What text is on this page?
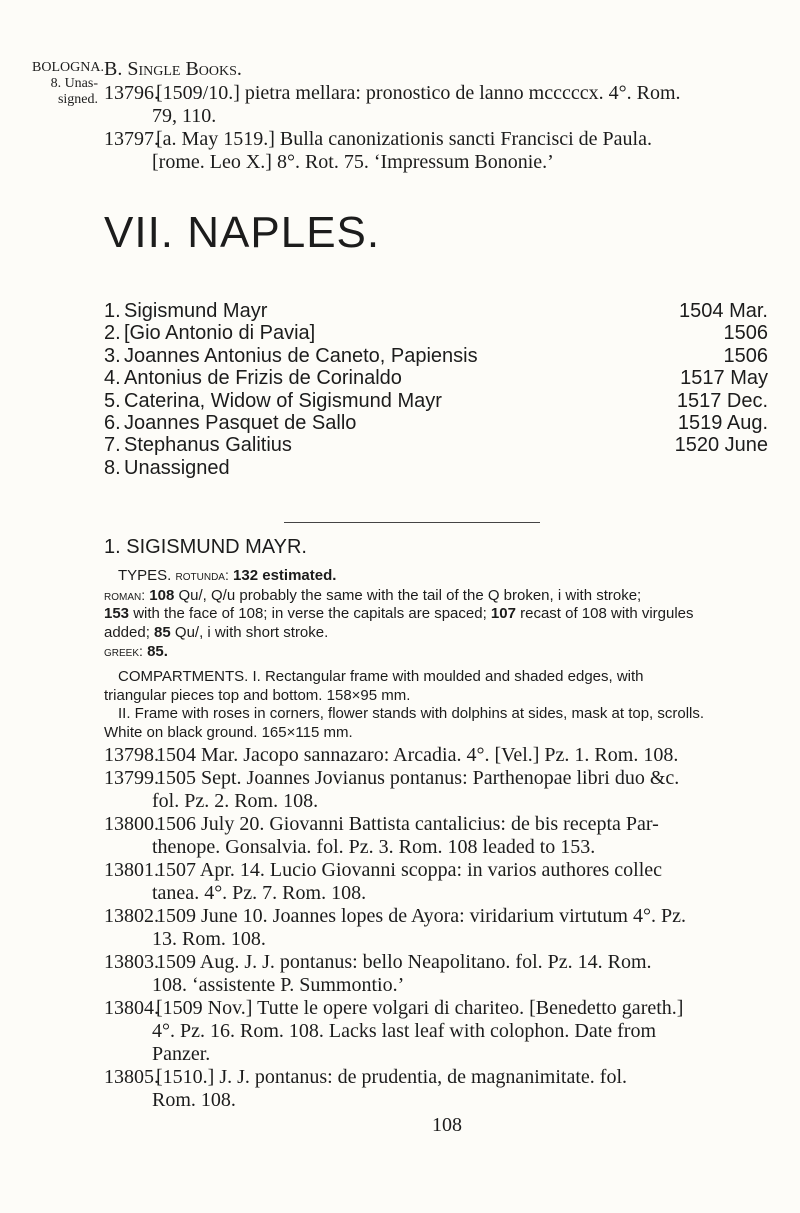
BOLOGNA.
8. Unas-
signed.
B. Single Books.
13796.[1509/10.] pietra mellara: pronostico de lanno mcccccx. 4°. Rom.
79, 110.
13797.[a. May 1519.] Bulla canonizationis sancti Francisci de Paula.
[rome. Leo X.] 8°. Rot. 75. ‘Impressum Bononie.’
VII. NAPLES.
1. Sigismund Mayr	1504 Mar.
2. [Gio Antonio di Pavia]	1506
3. Joannes Antonius de Caneto, Papiensis	1506
4. Antonius de Frizis de Corinaldo	1517 May
5. Caterina, Widow of Sigismund Mayr	1517 Dec.
6. Joannes Pasquet de Sallo	1519 Aug.
7. Stephanus Galitius	1520 June
8. Unassigned
1. SIGISMUND MAYR.
TYPES. rotunda: 132 estimated.
roman: 108 Qu/, Q/u probably the same with the tail of the Q broken, i with stroke;
153 with the face of 108; in verse the capitals are spaced; 107 recast of 108 with virgules
added; 85 Qu/, i with short stroke.
greek: 85.
COMPARTMENTS. I. Rectangular frame with moulded and shaded edges, with
triangular pieces top and bottom. 158×95 mm.
II. Frame with roses in corners, flower stands with dolphins at sides, mask at top, scrolls.
White on black ground. 165×115 mm.
13798.1504 Mar. Jacopo sannazaro: Arcadia. 4°. [Vel.] Pz. 1. Rom. 108.
13799.1505 Sept. Joannes Jovianus pontanus: Parthenopae libri duo &c.
fol. Pz. 2. Rom. 108.
13800.1506 July 20. Giovanni Battista cantalicius: de bis recepta Par-
thenope. Gonsalvia. fol. Pz. 3. Rom. 108 leaded to 153.
13801.1507 Apr. 14. Lucio Giovanni scoppa: in varios authores collec
tanea. 4°. Pz. 7. Rom. 108.
13802.1509 June 10. Joannes lopes de Ayora: viridarium virtutum 4°. Pz.
13. Rom. 108.
13803.1509 Aug. J. J. pontanus: bello Neapolitano. fol. Pz. 14. Rom.
108. ‘assistente P. Summontio.’
13804.[1509 Nov.] Tutte le opere volgari di chariteo. [Benedetto gareth.]
4°. Pz. 16. Rom. 108. Lacks last leaf with colophon. Date from
Panzer.
13805.[1510.] J. J. pontanus: de prudentia, de magnanimitate. fol.
Rom. 108.
108
